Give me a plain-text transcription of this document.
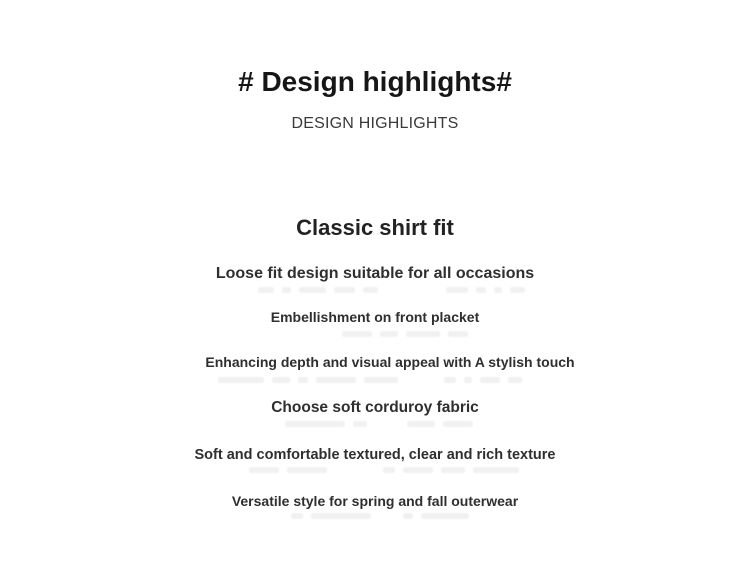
# Design highlights#
DESIGN HIGHLIGHTS
Classic shirt fit

Loose fit design suitable for all occasions

Embellishment on front placket

Enhancing depth and visual appeal with A stylish touch

Choose soft corduroy fabric

Soft and comfortable textured, clear and rich texture

Versatile style for spring and fall outerwear
